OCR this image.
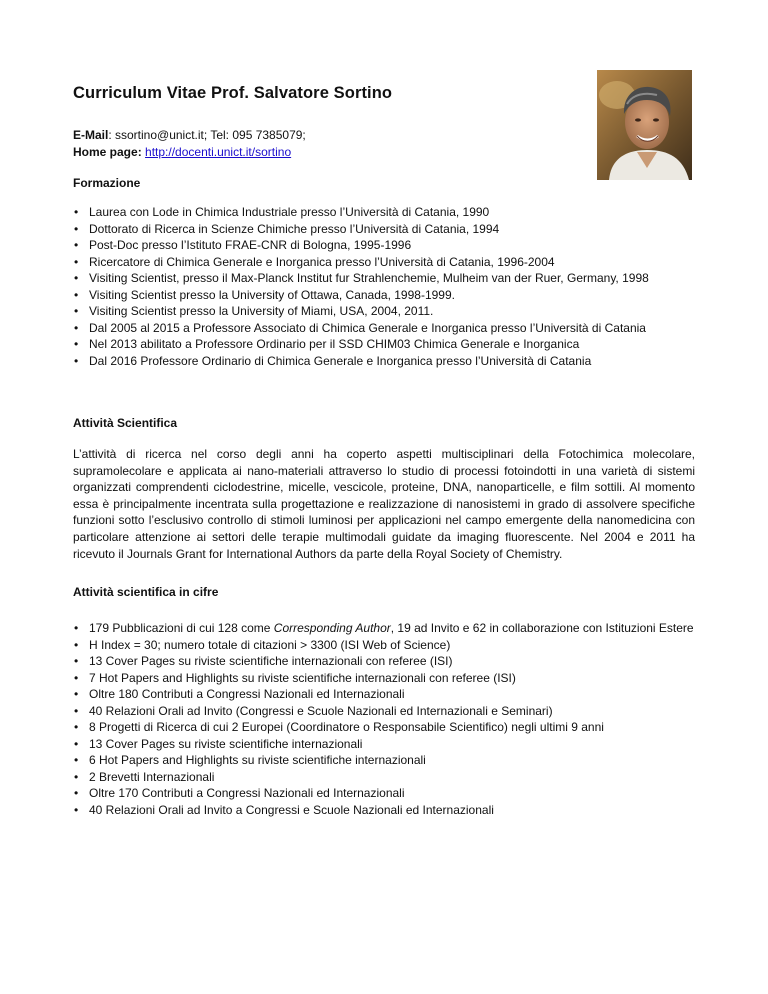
Curriculum Vitae Prof. Salvatore Sortino
E-Mail: ssortino@unict.it; Tel: 095 7385079;
Home page: http://docenti.unict.it/sortino
Formazione
• Laurea con Lode in Chimica Industriale presso l’Università di Catania, 1990
• Dottorato di Ricerca in Scienze Chimiche presso l’Università di Catania, 1994
• Post-Doc presso l’Istituto FRAE-CNR di Bologna, 1995-1996
• Ricercatore di Chimica Generale e Inorganica presso l’Università di Catania, 1996-2004
• Visiting Scientist, presso il Max-Planck Institut fur Strahlenchemie, Mulheim van der Ruer, Germany, 1998
• Visiting Scientist presso la University of Ottawa, Canada, 1998-1999.
• Visiting Scientist presso la University of Miami, USA, 2004, 2011.
• Dal 2005 al 2015 a Professore Associato di Chimica Generale e Inorganica presso l’Università di Catania
• Nel 2013 abilitato a Professore Ordinario per il SSD CHIM03 Chimica Generale e Inorganica
• Dal 2016 Professore Ordinario di Chimica Generale e Inorganica presso l’Università di Catania
Attività Scientifica

L’attività di ricerca nel corso degli anni ha coperto aspetti multisciplinari della Fotochimica molecolare, supramolecolare e applicata ai nano-materiali attraverso lo studio di processi fotoindotti in una varietà di sistemi organizzati comprendenti ciclodestrine, micelle, vescicole, proteine, DNA, nanoparticelle, e film sottili. Al momento essa è principalmente incentrata sulla progettazione e realizzazione di nanosistemi in grado di assolvere specifiche funzioni sotto l’esclusivo controllo di stimoli luminosi per applicazioni nel campo emergente della nanomedicina con particolare attenzione ai settori delle terapie multimodali guidate da imaging fluorescente. Nel 2004 e 2011 ha ricevuto il Journals Grant for International Authors da parte della Royal Society of Chemistry.

Attività scientifica in cifre
• 179 Pubblicazioni di cui 128 come Corresponding Author, 19 ad Invito e 62 in collaborazione con Istituzioni Estere
• H Index = 30; numero totale di citazioni > 3300 (ISI Web of Science)
• 13 Cover Pages su riviste scientifiche internazionali con referee (ISI)
• 7 Hot Papers and Highlights su riviste scientifiche internazionali con referee (ISI)
• Oltre 180 Contributi a Congressi Nazionali ed Internazionali
• 40 Relazioni Orali ad Invito (Congressi e Scuole Nazionali ed Internazionali e Seminari)
• 8 Progetti di Ricerca di cui 2 Europei (Coordinatore o Responsabile Scientifico) negli ultimi 9 anni
• 13 Cover Pages su riviste scientifiche internazionali
• 6 Hot Papers and Highlights su riviste scientifiche internazionali
• 2 Brevetti Internazionali
• Oltre 170 Contributi a Congressi Nazionali ed Internazionali
• 40 Relazioni Orali ad Invito a Congressi e Scuole Nazionali ed Internazionali
